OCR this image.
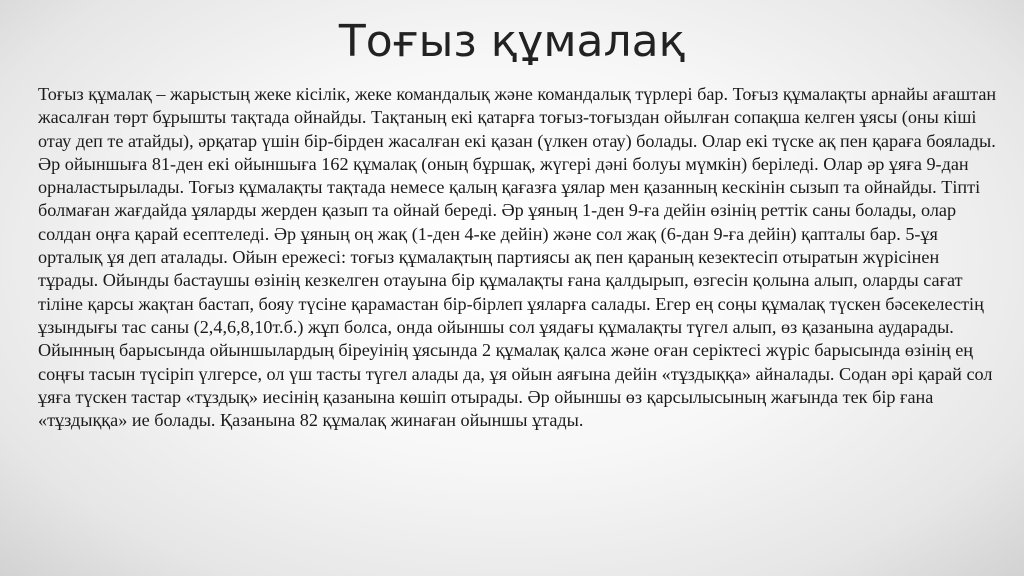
Тоғыз құмалақ

Тоғыз құмалақ – жарыстың жеке кісілік, жеке командалық және командалық түрлері бар. Тоғыз құмалақты арнайы ағаштан жасалған төрт бұрышты тақтада ойнайды. Тақтаның екі қатарға тоғыз-тоғыздан ойылған сопақша келген ұясы (оны кіші отау деп те атайды), әрқатар үшін бір-бірден жасалған екі қазан (үлкен отау) болады. Олар екі түске ақ пен қараға боялады. Әр ойыншыға 81-ден екі ойыншыға 162 құмалақ (оның бұршақ, жүгері дәні болуы мүмкін) беріледі. Олар әр ұяға 9-дан орналастырылады. Тоғыз құмалақты тақтада немесе қалың қағазға ұялар мен қазанның кескінін сызып та ойнайды. Тіпті болмаған жағдайда ұяларды жерден қазып та ойнай береді. Әр ұяның 1-ден 9-ға дейін өзінің реттік саны болады, олар солдан оңға қарай есептеледі. Әр ұяның оң жақ (1-ден 4-ке дейін) және сол жақ (6-дан 9-ға дейін) қапталы бар. 5-ұя орталық ұя деп аталады. Ойын ережесі: тоғыз құмалақтың партиясы ақ пен қараның кезектесіп отыратын жүрісінен тұрады. Ойынды бастаушы өзінің кезкелген отауына бір құмалақты ғана қалдырып, өзгесін қолына алып, оларды сағат тіліне қарсы жақтан бастап, бояу түсіне қарамастан бір-бірлеп ұяларға салады. Егер ең соңы құмалақ түскен бәсекелестің ұзындығы тас саны (2,4,6,8,10т.б.) жұп болса, онда ойыншы сол ұядағы құмалақты түгел алып, өз қазанына аударады. Ойынның барысында ойыншылардың біреуінің ұясында 2 құмалақ қалса және оған серіктесі жүріс барысында өзінің ең соңғы тасын түсіріп үлгерсе, ол үш тасты түгел алады да, ұя ойын аяғына дейін «тұздыққа» айналады. Содан әрі қарай сол ұяға түскен тастар «тұздық» иесінің қазанына көшіп отырады. Әр ойыншы өз қарсылысының жағында тек бір ғана «тұздыққа» ие болады. Қазанына 82 құмалақ жинаған ойыншы ұтады.
